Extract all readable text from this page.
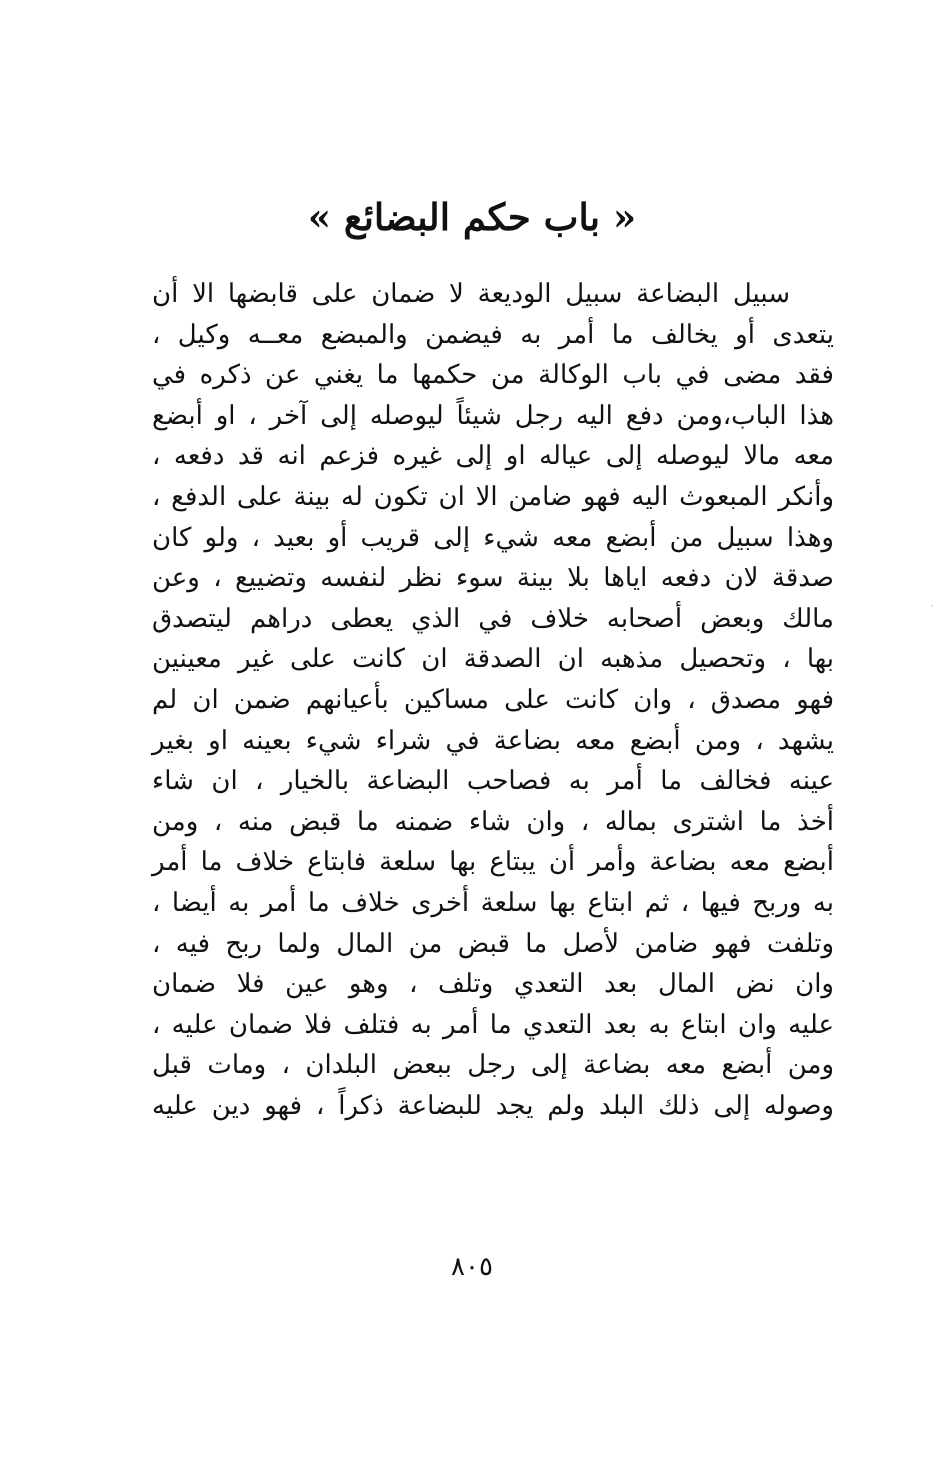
« باب حكم البضائع »
سبيل البضاعة سبيل الوديعة لا ضمان على قابضها الا أن
يتعدى أو يخالف ما أمر به فيضمن والمبضع معــه وكيل ،
فقد مضى في باب الوكالة من حكمها ما يغني عن ذكره في
هذا الباب،ومن دفع اليه رجل شيئاً ليوصله إلى آخر ، او أبضع
معه مالا ليوصله إلى عياله او إلى غيره فزعم انه قد دفعه ،
وأنكر المبعوث اليه فهو ضامن الا ان تكون له بينة على الدفع ،
وهذا سبيل من أبضع معه شيء إلى قريب أو بعيد ، ولو كان
صدقة لان دفعه اياها بلا بينة سوء نظر لنفسه وتضييع ، وعن
مالك وبعض أصحابه خلاف في الذي يعطى دراهم ليتصدق
بها ، وتحصيل مذهبه ان الصدقة ان كانت على غير معينين
فهو مصدق ، وان كانت على مساكين بأعيانهم ضمن ان لم
يشهد ، ومن أبضع معه بضاعة في شراء شيء بعينه او بغير
عينه فخالف ما أمر به فصاحب البضاعة بالخيار ، ان شاء
أخذ ما اشترى بماله ، وان شاء ضمنه ما قبض منه ، ومن
أبضع معه بضاعة وأمر أن يبتاع بها سلعة فابتاع خلاف ما أمر
به وربح فيها ، ثم ابتاع بها سلعة أخرى خلاف ما أمر به أيضا ،
وتلفت فهو ضامن لأصل ما قبض من المال ولما ربح فيه ،
وان نض المال بعد التعدي وتلف ، وهو عين فلا ضمان
عليه وان ابتاع به بعد التعدي ما أمر به فتلف فلا ضمان عليه ،
ومن أبضع معه بضاعة إلى رجل ببعض البلدان ، ومات قبل
وصوله إلى ذلك البلد ولم يجد للبضاعة ذكراً ، فهو دين عليه
٨٠٥
·
